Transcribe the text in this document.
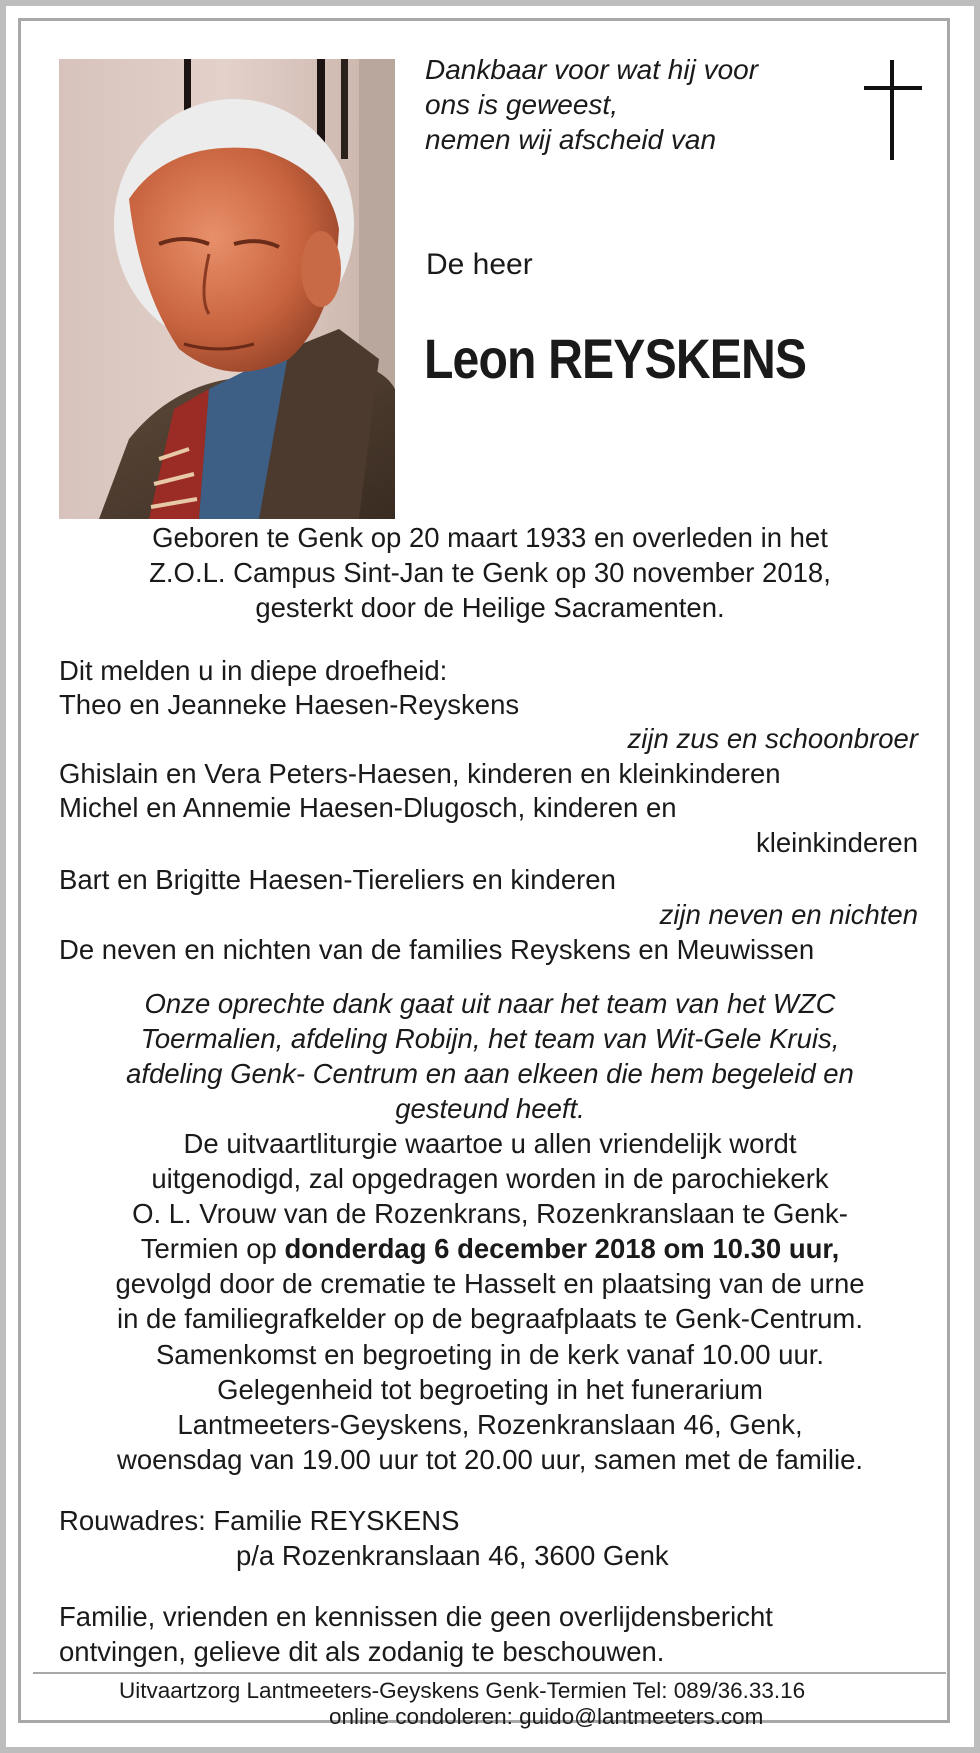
Dankbaar voor wat hij voor
ons is geweest,
nemen wij afscheid van
De heer
Leon REYSKENS
Geboren te Genk op 20 maart 1933 en overleden in het
Z.O.L. Campus Sint-Jan te Genk op 30 november 2018,
gesterkt door de Heilige Sacramenten.
Dit melden u in diepe droefheid:
Theo en Jeanneke Haesen-Reyskens
zijn zus en schoonbroer
Ghislain en Vera Peters-Haesen, kinderen en kleinkinderen
Michel en Annemie Haesen-Dlugosch, kinderen en
kleinkinderen
Bart en Brigitte Haesen-Tiereliers en kinderen
zijn neven en nichten
De neven en nichten van de families Reyskens en Meuwissen
Onze oprechte dank gaat uit naar het team van het WZC
Toermalien, afdeling Robijn, het team van Wit-Gele Kruis,
afdeling Genk- Centrum en aan elkeen die hem begeleid en
gesteund heeft.
De uitvaartliturgie waartoe u allen vriendelijk wordt
uitgenodigd, zal opgedragen worden in de parochiekerk
O. L. Vrouw van de Rozenkrans, Rozenkranslaan te Genk-
Termien op donderdag 6 december 2018 om 10.30 uur,
gevolgd door de crematie te Hasselt en plaatsing van de urne
in de familiegrafkelder op de begraafplaats te Genk-Centrum.
Samenkomst en begroeting in de kerk vanaf 10.00 uur.
Gelegenheid tot begroeting in het funerarium
Lantmeeters-Geyskens, Rozenkranslaan 46, Genk,
woensdag van 19.00 uur tot 20.00 uur, samen met de familie.
Rouwadres: Familie REYSKENS
p/a Rozenkranslaan 46, 3600 Genk
Familie, vrienden en kennissen die geen overlijdensbericht
ontvingen, gelieve dit als zodanig te beschouwen.
Uitvaartzorg Lantmeeters-Geyskens Genk-Termien Tel: 089/36.33.16
online condoleren: guido@lantmeeters.com
